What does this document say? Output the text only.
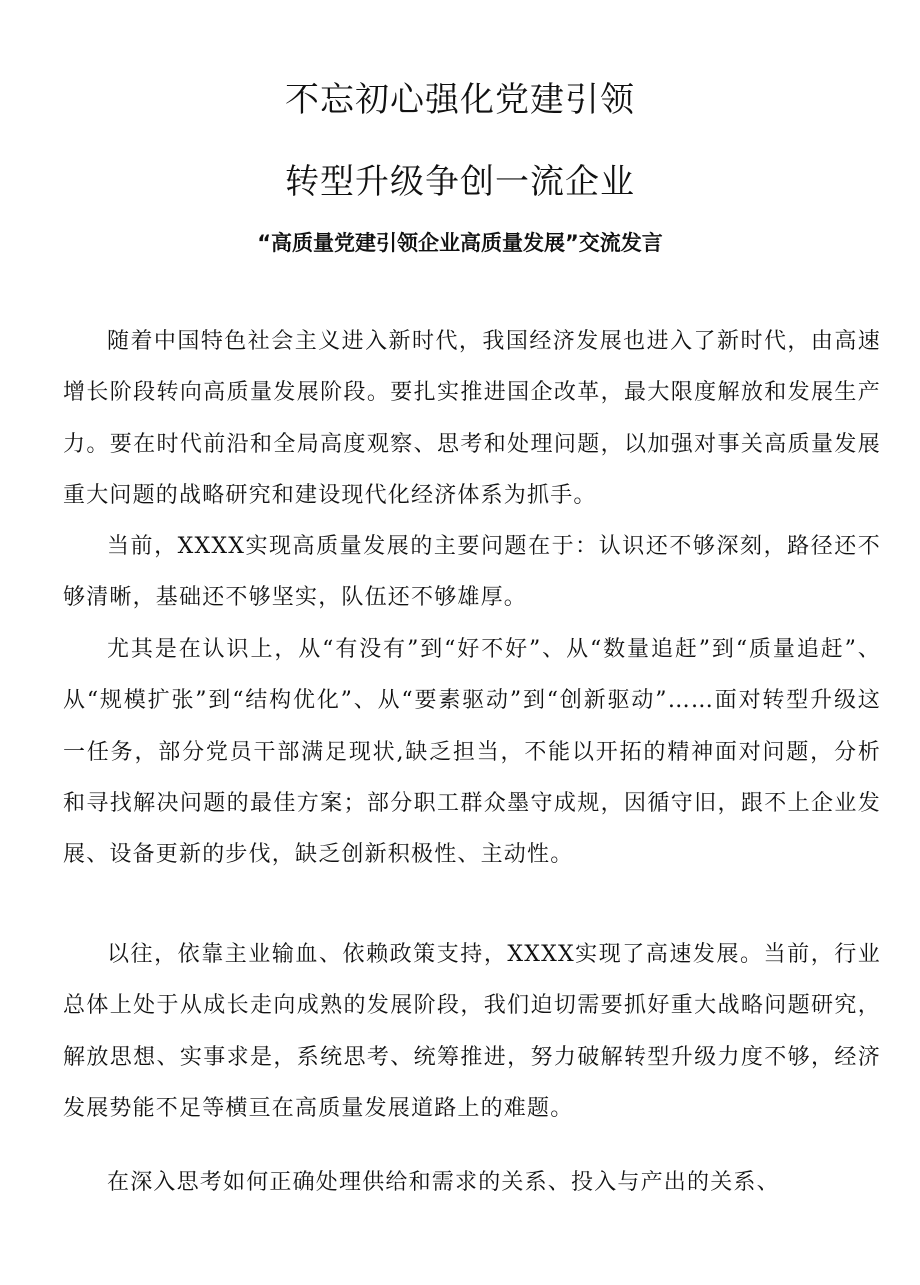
不忘初心强化党建引领
转型升级争创一流企业
“高质量党建引领企业高质量发展”交流发言

随着中国特色社会主义进入新时代，我国经济发展也进入了新时代，由高速增长阶段转向高质量发展阶段。要扎实推进国企改革，最大限度解放和发展生产力。要在时代前沿和全局高度观察、思考和处理问题，以加强对事关高质量发展重大问题的战略研究和建设现代化经济体系为抓手。

当前，XXXX实现高质量发展的主要问题在于：认识还不够深刻，路径还不够清晰，基础还不够坚实，队伍还不够雄厚。

尤其是在认识上，从“有没有”到“好不好”、从“数量追赶”到“质量追赶”、从“规模扩张”到“结构优化”、从“要素驱动”到“创新驱动”……面对转型升级这一任务，部分党员干部满足现状,缺乏担当，不能以开拓的精神面对问题，分析和寻找解决问题的最佳方案；部分职工群众墨守成规，因循守旧，跟不上企业发展、设备更新的步伐，缺乏创新积极性、主动性。

以往，依靠主业输血、依赖政策支持，XXXX实现了高速发展。当前，行业总体上处于从成长走向成熟的发展阶段，我们迫切需要抓好重大战略问题研究，解放思想、实事求是，系统思考、统筹推进，努力破解转型升级力度不够，经济发展势能不足等横亘在高质量发展道路上的难题。

在深入思考如何正确处理供给和需求的关系、投入与产出的关系、
